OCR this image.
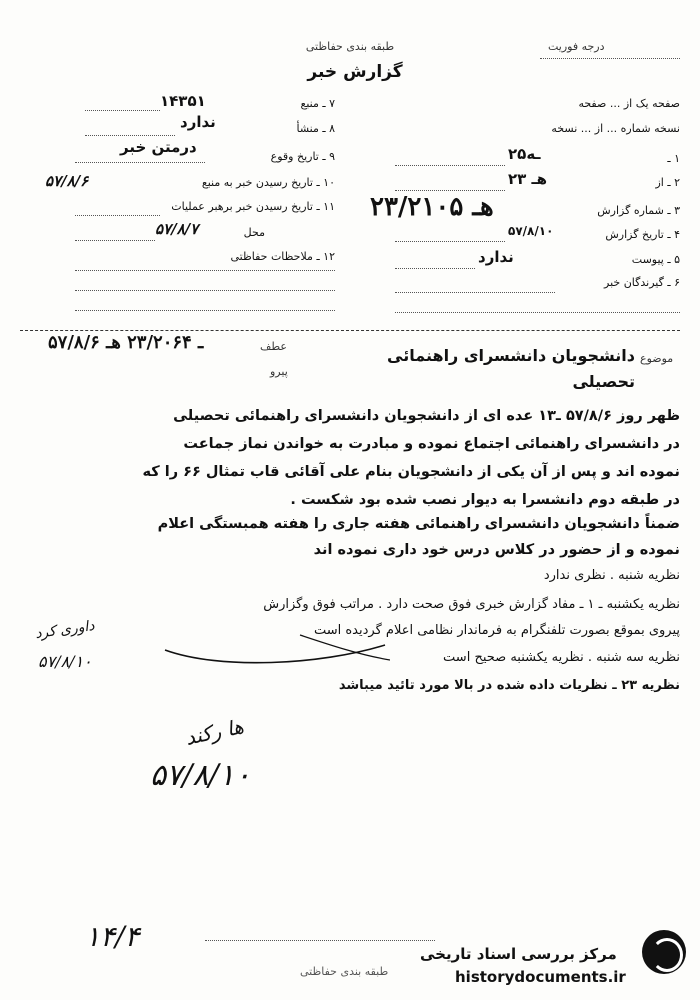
طبقه بندی حفاظتی
گزارش خبر
درجه فوریت
۷ ـ منبع
۱۴۳۵۱
۸ ـ منشأ
ندارد
۹ ـ تاریخ وقوع
درمتن خبر
۱۰ ـ تاریخ رسیدن خبر به منبع
۵۷/۸/۶
۱۱ ـ تاریخ رسیدن خبر برهبر عملیات
محل
۵۷/۸/۷
۱۲ ـ ملاحظات حفاظتی
صفحه یک از ... صفحه
نسخه شماره ... از ... نسخه
۱ ـ
۲۵ـه
۲ ـ از
۲۳ هـ
۳ ـ شماره گزارش
۲۳/۲۱۰۵ هـ
۴ ـ تاریخ گزارش
۵۷/۸/۱۰
۵ ـ پیوست
ندارد
۶ ـ گیرندگان خبر
۵۷/۸/۶ ـ ۲۳/۲۰۶۴ هـ	عطف
پیرو
موضوع
دانشجویان دانشسرای راهنمائی
تحصیلی
ظهر روز ۵۷/۸/۶ ـ۱۳ عده ای از دانشجویان دانشسرای راهنمائی تحصیلی
در دانشسرای راهنمائی اجتماع نموده و مبادرت به خواندن نماز جماعت
نموده اند و پس از آن یکی از دانشجویان بنام علی آقائی قاب تمثال ۶۶ را که
در طبقه دوم دانشسرا به دیوار نصب شده بود شکست .
ضمناً دانشجویان دانشسرای راهنمائی هفته جاری را هفته همبستگی اعلام
نموده و از حضور در کلاس درس خود داری نموده اند
نظریه شنبه . نظری ندارد
نظریه یکشنبه ـ ۱ ـ مفاد گزارش خبری فوق صحت دارد . مراتب فوق وگزارش
پیروی بموقع بصورت تلفنگرام به فرماندار نظامی اعلام گردیده است
نظریه سه شنبه . نظریه یکشنبه صحیح است
نظریه ۲۳ ـ نظریات داده شده در بالا مورد تائید میباشد
داوری کرد
۵۷/۸/۱۰
ها رکند
۵۷/۸/۱۰
۱۴/۴
طبقه بندی حفاظتی
مرکز بررسی اسناد تاریخی
historydocuments.ir
